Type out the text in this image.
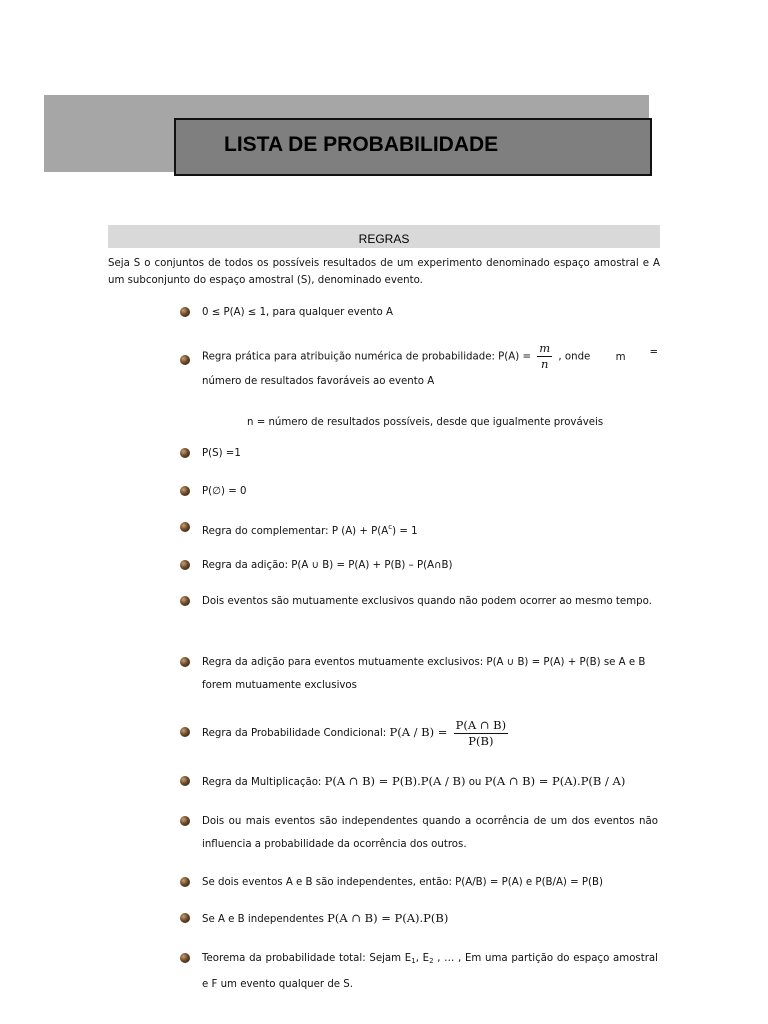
LISTA DE PROBABILIDADE
REGRAS

Seja S o conjuntos de todos os possíveis resultados de um experimento denominado espaço amostral e A um subconjunto do espaço amostral (S), denominado evento.

0 ≤ P(A) ≤ 1, para qualquer evento A
Regra prática para atribuição numérica de probabilidade: $P(A) = \frac{m}{n}$ , onde m =
número de resultados favoráveis ao evento A
n = número de resultados possíveis, desde que igualmente prováveis
P(S) =1
P(∅) = 0
Regra do complementar: P $(A) + P(A^c) = 1$
Regra da adição: P(A ∪ B) = P(A) + P(B) – P(A∩B)
Dois eventos são mutuamente exclusivos quando não podem ocorrer ao mesmo tempo.
Regra da adição para eventos mutuamente exclusivos: P(A ∪ B) = P(A) + P(B) se A e B forem mutuamente exclusivos
Regra da Probabilidade Condicional: $P(A / B) = \frac{P(A \cap B)}{P(B)}$
Regra da Multiplicação: P(A ∩ B) = P(B).P(A / B) ou P(A ∩ B) = P(A).P(B / A)
Dois ou mais eventos são independentes quando a ocorrência de um dos eventos não influencia a probabilidade da ocorrência dos outros.
Se dois eventos A e B são independentes, então: P(A/B) = P(A) e P(B/A) = P(B)
Se A e B independentes P(A ∩ B) = P(A).P(B)
Teorema da probabilidade total: Sejam $E_1$, $E_2$ , … , Em uma partição do espaço amostral e F um evento qualquer de S.
